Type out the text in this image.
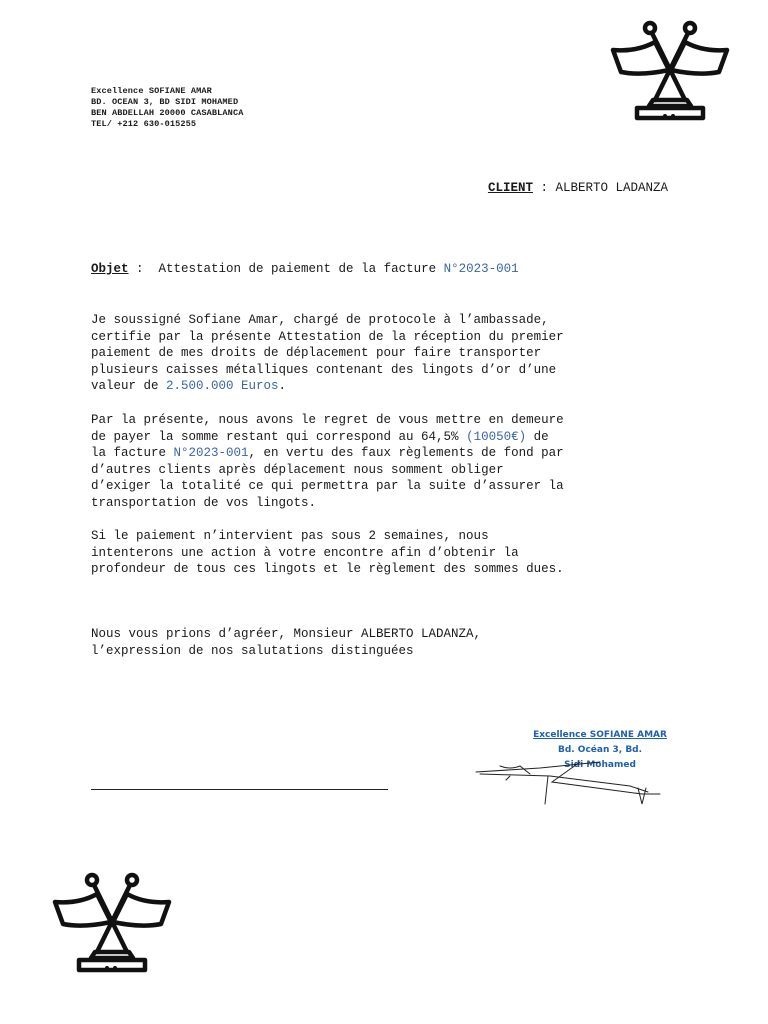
Excellence SOFIANE AMAR
BD. OCEAN 3, BD SIDI MOHAMED
BEN ABDELLAH 20000 CASABLANCA
TEL/ +212 630-015255
CLIENT : ALBERTO LADANZA
Objet :  Attestation de paiement de la facture N°2023-001
Je soussigné Sofiane Amar, chargé de protocole à l’ambassade,
certifie par la présente Attestation de la réception du premier
paiement de mes droits de déplacement pour faire transporter
plusieurs caisses métalliques contenant des lingots d’or d’une
valeur de 2.500.000 Euros.
Par la présente, nous avons le regret de vous mettre en demeure
de payer la somme restant qui correspond au 64,5% (10050€) de
la facture N°2023-001, en vertu des faux règlements de fond par
d’autres clients après déplacement nous somment obliger
d’exiger la totalité ce qui permettra par la suite d’assurer la
transportation de vos lingots.
Si le paiement n’intervient pas sous 2 semaines, nous
intenterons une action à votre encontre afin d’obtenir la
profondeur de tous ces lingots et le règlement des sommes dues.
Nous vous prions d’agréer, Monsieur ALBERTO LADANZA,
l’expression de nos salutations distinguées
Excellence SOFIANE AMAR
Bd. Océan 3, Bd.
Sidi Mohamed
